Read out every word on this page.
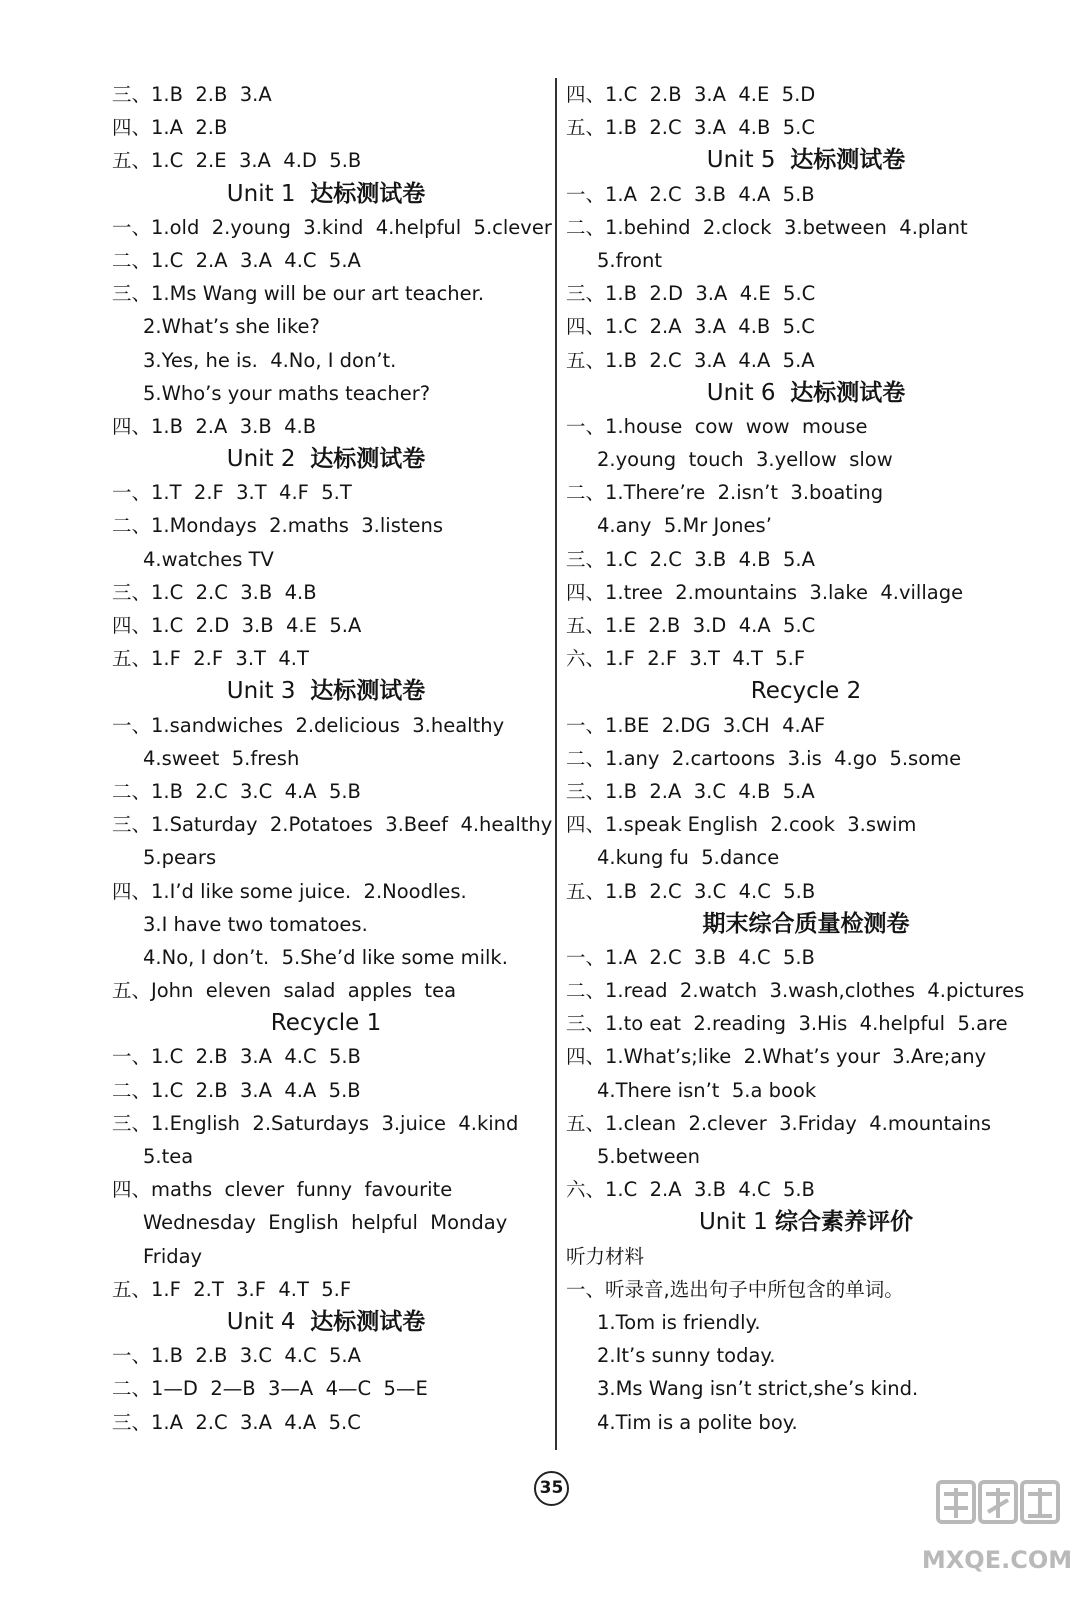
三、1.B  2.B  3.A
四、1.A  2.B
五、1.C  2.E  3.A  4.D  5.B
Unit 1  达标测试卷
一、1.old  2.young  3.kind  4.helpful  5.clever
二、1.C  2.A  3.A  4.C  5.A
三、1.Ms Wang will be our art teacher.
2.What’s she like?
3.Yes, he is.  4.No, I don’t.
5.Who’s your maths teacher?
四、1.B  2.A  3.B  4.B
Unit 2  达标测试卷
一、1.T  2.F  3.T  4.F  5.T
二、1.Mondays  2.maths  3.listens
4.watches TV
三、1.C  2.C  3.B  4.B
四、1.C  2.D  3.B  4.E  5.A
五、1.F  2.F  3.T  4.T
Unit 3  达标测试卷
一、1.sandwiches  2.delicious  3.healthy
4.sweet  5.fresh
二、1.B  2.C  3.C  4.A  5.B
三、1.Saturday  2.Potatoes  3.Beef  4.healthy
5.pears
四、1.I’d like some juice.  2.Noodles.
3.I have two tomatoes.
4.No, I don’t.  5.She’d like some milk.
五、John  eleven  salad  apples  tea
Recycle 1
一、1.C  2.B  3.A  4.C  5.B
二、1.C  2.B  3.A  4.A  5.B
三、1.English  2.Saturdays  3.juice  4.kind
5.tea
四、maths  clever  funny  favourite
Wednesday  English  helpful  Monday
Friday
五、1.F  2.T  3.F  4.T  5.F
Unit 4  达标测试卷
一、1.B  2.B  3.C  4.C  5.A
二、1—D  2—B  3—A  4—C  5—E
三、1.A  2.C  3.A  4.A  5.C
四、1.C  2.B  3.A  4.E  5.D
五、1.B  2.C  3.A  4.B  5.C
Unit 5  达标测试卷
一、1.A  2.C  3.B  4.A  5.B
二、1.behind  2.clock  3.between  4.plant
5.front
三、1.B  2.D  3.A  4.E  5.C
四、1.C  2.A  3.A  4.B  5.C
五、1.B  2.C  3.A  4.A  5.A
Unit 6  达标测试卷
一、1.house  cow  wow  mouse
2.young  touch  3.yellow  slow
二、1.There’re  2.isn’t  3.boating
4.any  5.Mr Jones’
三、1.C  2.C  3.B  4.B  5.A
四、1.tree  2.mountains  3.lake  4.village
五、1.E  2.B  3.D  4.A  5.C
六、1.F  2.F  3.T  4.T  5.F
Recycle 2
一、1.BE  2.DG  3.CH  4.AF
二、1.any  2.cartoons  3.is  4.go  5.some
三、1.B  2.A  3.C  4.B  5.A
四、1.speak English  2.cook  3.swim
4.kung fu  5.dance
五、1.B  2.C  3.C  4.C  5.B
期末综合质量检测卷
一、1.A  2.C  3.B  4.C  5.B
二、1.read  2.watch  3.wash,clothes  4.pictures
三、1.to eat  2.reading  3.His  4.helpful  5.are
四、1.What’s;like  2.What’s your  3.Are;any
4.There isn’t  5.a book
五、1.clean  2.clever  3.Friday  4.mountains
5.between
六、1.C  2.A  3.B  4.C  5.B
Unit 1 综合素养评价
听力材料
一、听录音,选出句子中所包含的单词。
1.Tom is friendly.
2.It’s sunny today.
3.Ms Wang isn’t strict,she’s kind.
4.Tim is a polite boy.
35
MXQE.COM
